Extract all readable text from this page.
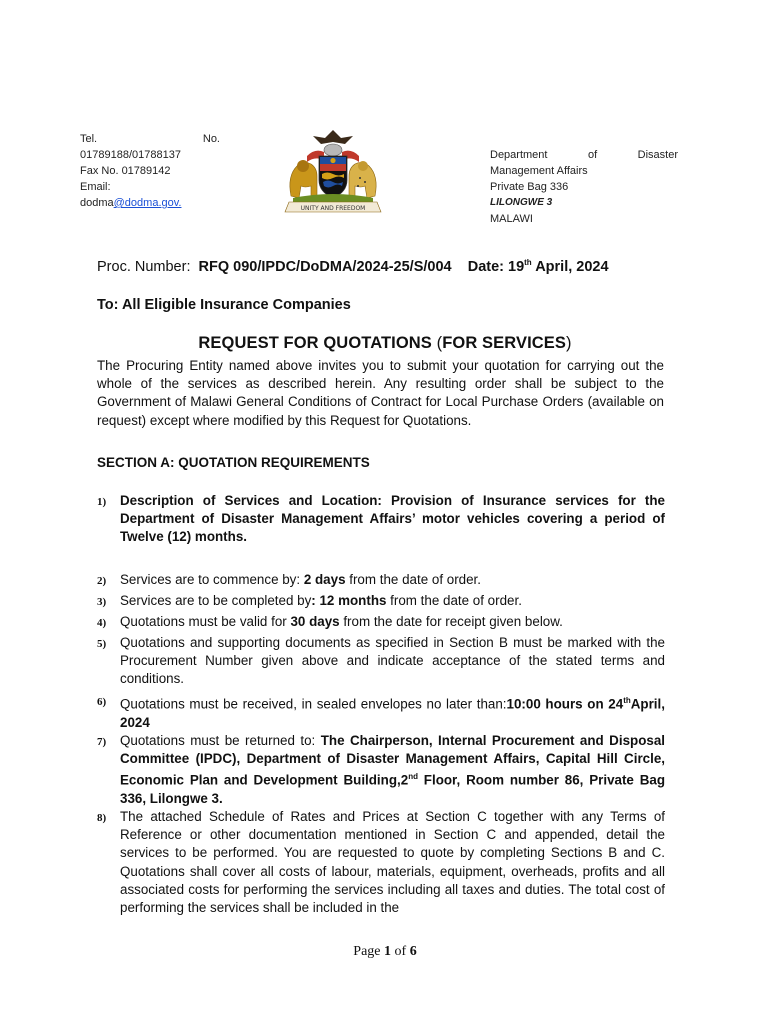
Tel.	No.
01789188/01788137
Fax No. 01789142
Email:
dodma@dodma.gov.	UNITY AND FREEDOM
Department	of	Disaster
Management Affairs
Private Bag 336
LILONGWE 3
MALAWI
Proc. Number: RFQ 090/IPDC/DoDMA/2024-25/S/004 Date: 19th April, 2024
To: All Eligible Insurance Companies
REQUEST FOR QUOTATIONS (FOR SERVICES)
The Procuring Entity named above invites you to submit your quotation for carrying out the whole of the services as described herein. Any resulting order shall be subject to the Government of Malawi General Conditions of Contract for Local Purchase Orders (available on request) except where modified by this Request for Quotations.
SECTION A: QUOTATION REQUIREMENTS
1) Description of Services and Location: Provision of Insurance services for the Department of Disaster Management Affairs’ motor vehicles covering a period of Twelve (12) months.
2) Services are to commence by: 2 days from the date of order.
3) Services are to be completed by: 12 months from the date of order.
4) Quotations must be valid for 30 days from the date for receipt given below.
5) Quotations and supporting documents as specified in Section B must be marked with the Procurement Number given above and indicate acceptance of the stated terms and conditions.
6) Quotations must be received, in sealed envelopes no later than:10:00 hours on 24thApril, 2024
7) Quotations must be returned to: The Chairperson, Internal Procurement and Disposal Committee (IPDC), Department of Disaster Management Affairs, Capital Hill Circle, Economic Plan and Development Building,2nd Floor, Room number 86, Private Bag 336, Lilongwe 3.
8) The attached Schedule of Rates and Prices at Section C together with any Terms of Reference or other documentation mentioned in Section C and appended, detail the services to be performed. You are requested to quote by completing Sections B and C. Quotations shall cover all costs of labour, materials, equipment, overheads, profits and all associated costs for performing the services including all taxes and duties. The total cost of performing the services shall be included in the
Page 1 of 6
